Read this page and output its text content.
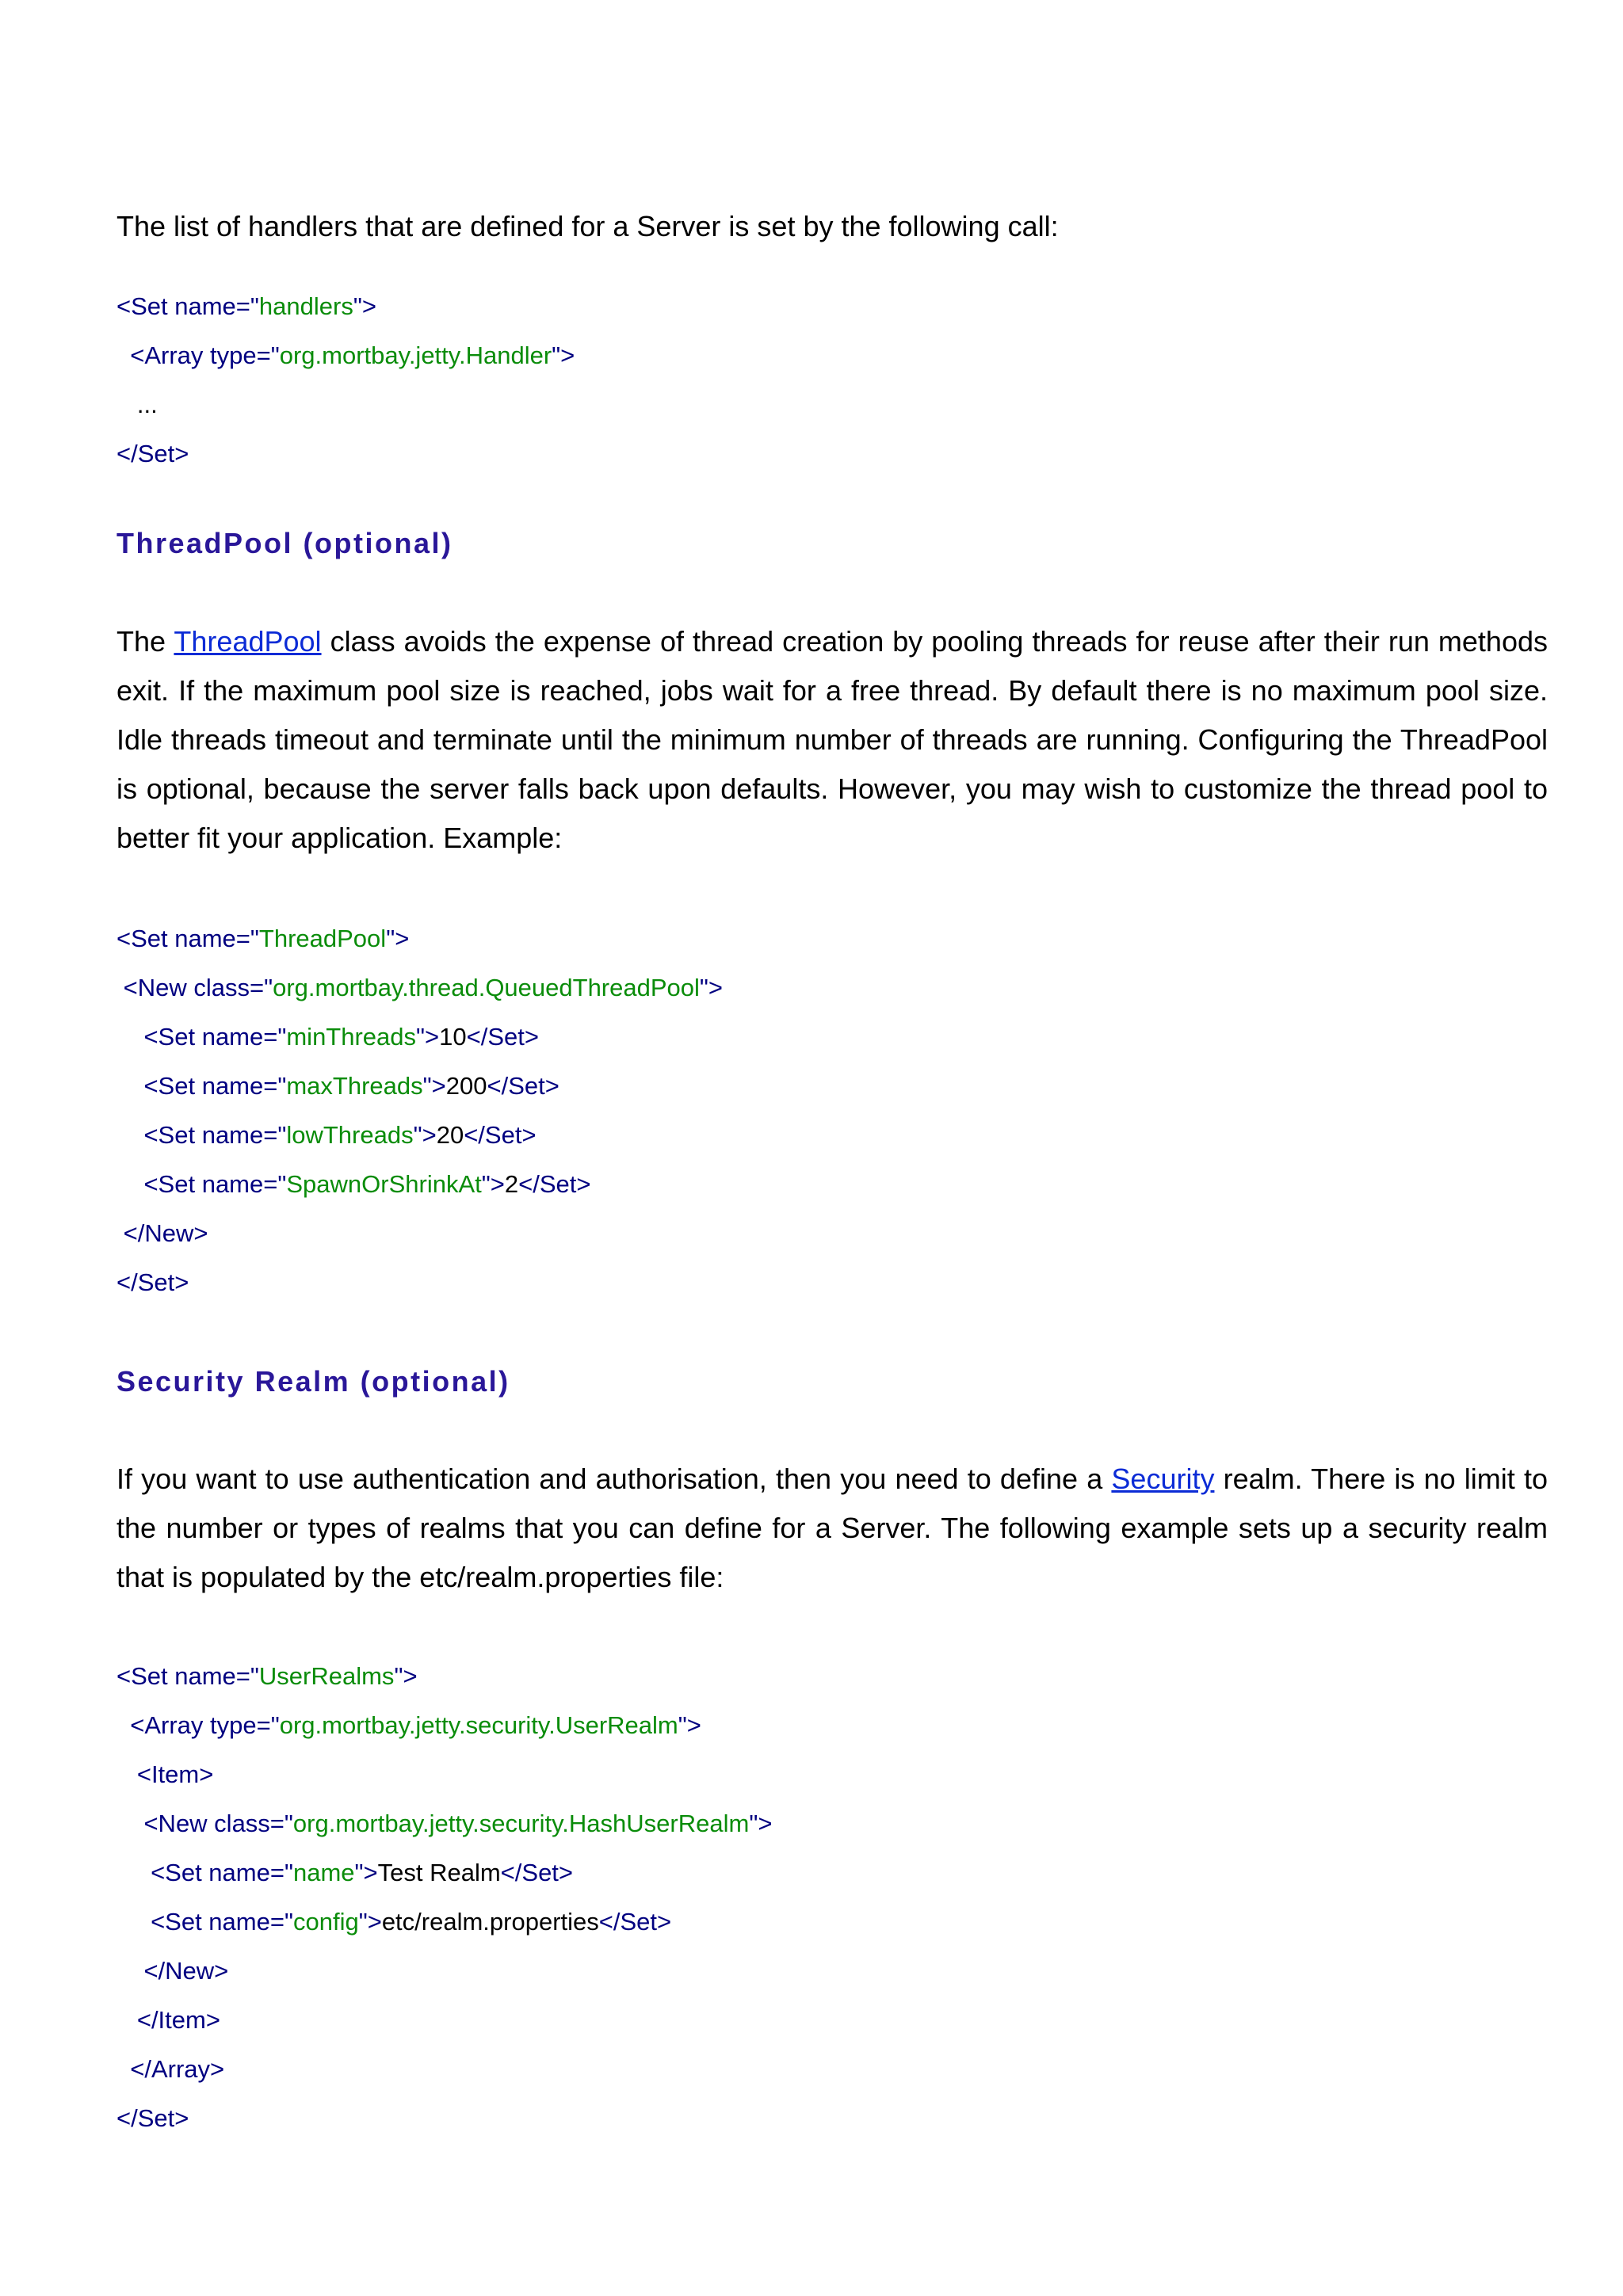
The list of handlers that are defined for a Server is set by the following call:

<Set name="handlers">
<Array type="org.mortbay.jetty.Handler">
...
</Set>
ThreadPool (optional)

The ThreadPool class avoids the expense of thread creation by pooling threads for reuse after their run methods exit. If the maximum pool size is reached, jobs wait for a free thread. By default there is no maximum pool size. Idle threads timeout and terminate until the minimum number of threads are running. Configuring the ThreadPool is optional, because the server falls back upon defaults. However, you may wish to customize the thread pool to better fit your application. Example:

<Set name="ThreadPool">
<New class="org.mortbay.thread.QueuedThreadPool">
<Set name="minThreads">10</Set>
<Set name="maxThreads">200</Set>
<Set name="lowThreads">20</Set>
<Set name="SpawnOrShrinkAt">2</Set>
</New>
</Set>
Security Realm (optional)

If you want to use authentication and authorisation, then you need to define a Security realm. There is no limit to the number or types of realms that you can define for a Server. The following example sets up a security realm that is populated by the etc/realm.properties file:

<Set name="UserRealms">
<Array type="org.mortbay.jetty.security.UserRealm">
<Item>
<New class="org.mortbay.jetty.security.HashUserRealm">
<Set name="name">Test Realm</Set>
<Set name="config">etc/realm.properties</Set>
</New>
</Item>
</Array>
</Set>
